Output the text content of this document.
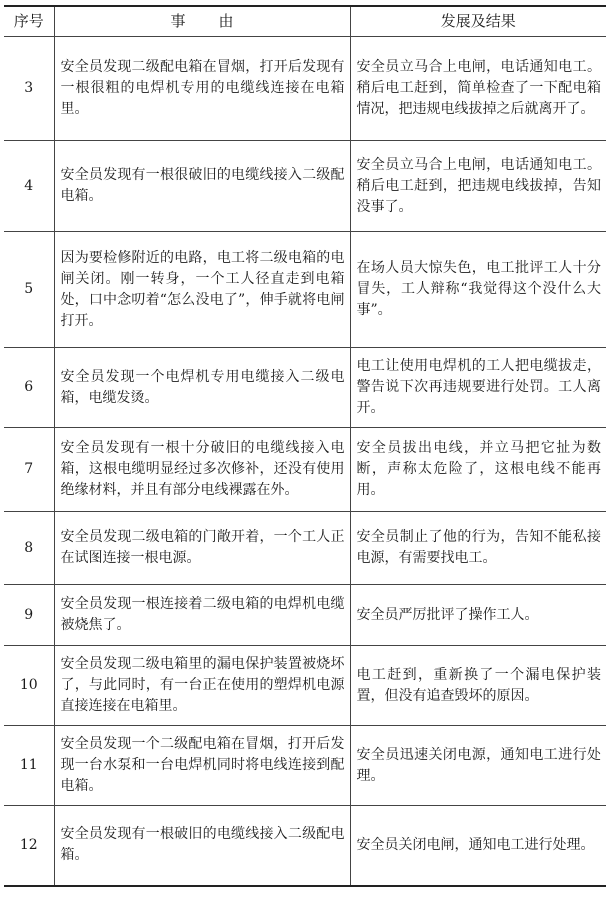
序号	事由	发展及结果
3	安全员发现二级配电箱在冒烟，打开后发现有一根很粗的电焊机专用的电缆线连接在电箱里。	安全员立马合上电闸，电话通知电工。稍后电工赶到，简单检查了一下配电箱情况，把违规电线拔掉之后就离开了。
4	安全员发现有一根很破旧的电缆线接入二级配电箱。	安全员立马合上电闸，电话通知电工。稍后电工赶到，把违规电线拔掉，告知没事了。
5	因为要检修附近的电路，电工将二级电箱的电闸关闭。刚一转身，一个工人径直走到电箱处，口中念叨着“怎么没电了”，伸手就将电闸打开。	在场人员大惊失色，电工批评工人十分冒失，工人辩称“我觉得这个没什么大事”。
6	安全员发现一个电焊机专用电缆接入二级电箱，电缆发烫。	电工让使用电焊机的工人把电缆拔走，警告说下次再违规要进行处罚。工人离开。
7	安全员发现有一根十分破旧的电缆线接入电箱，这根电缆明显经过多次修补，还没有使用绝缘材料，并且有部分电线裸露在外。	安全员拔出电线，并立马把它扯为数断，声称太危险了，这根电线不能再用。
8	安全员发现二级电箱的门敞开着，一个工人正在试图连接一根电源。	安全员制止了他的行为，告知不能私接电源，有需要找电工。
9	安全员发现一根连接着二级电箱的电焊机电缆被烧焦了。	安全员严厉批评了操作工人。
10	安全员发现二级电箱里的漏电保护装置被烧坏了，与此同时，有一台正在使用的塑焊机电源直接连接在电箱里。	电工赶到，重新换了一个漏电保护装置，但没有追查毁坏的原因。
11	安全员发现一个二级配电箱在冒烟，打开后发现一台水泵和一台电焊机同时将电线连接到配电箱。	安全员迅速关闭电源，通知电工进行处理。
12	安全员发现有一根破旧的电缆线接入二级配电箱。	安全员关闭电闸，通知电工进行处理。
